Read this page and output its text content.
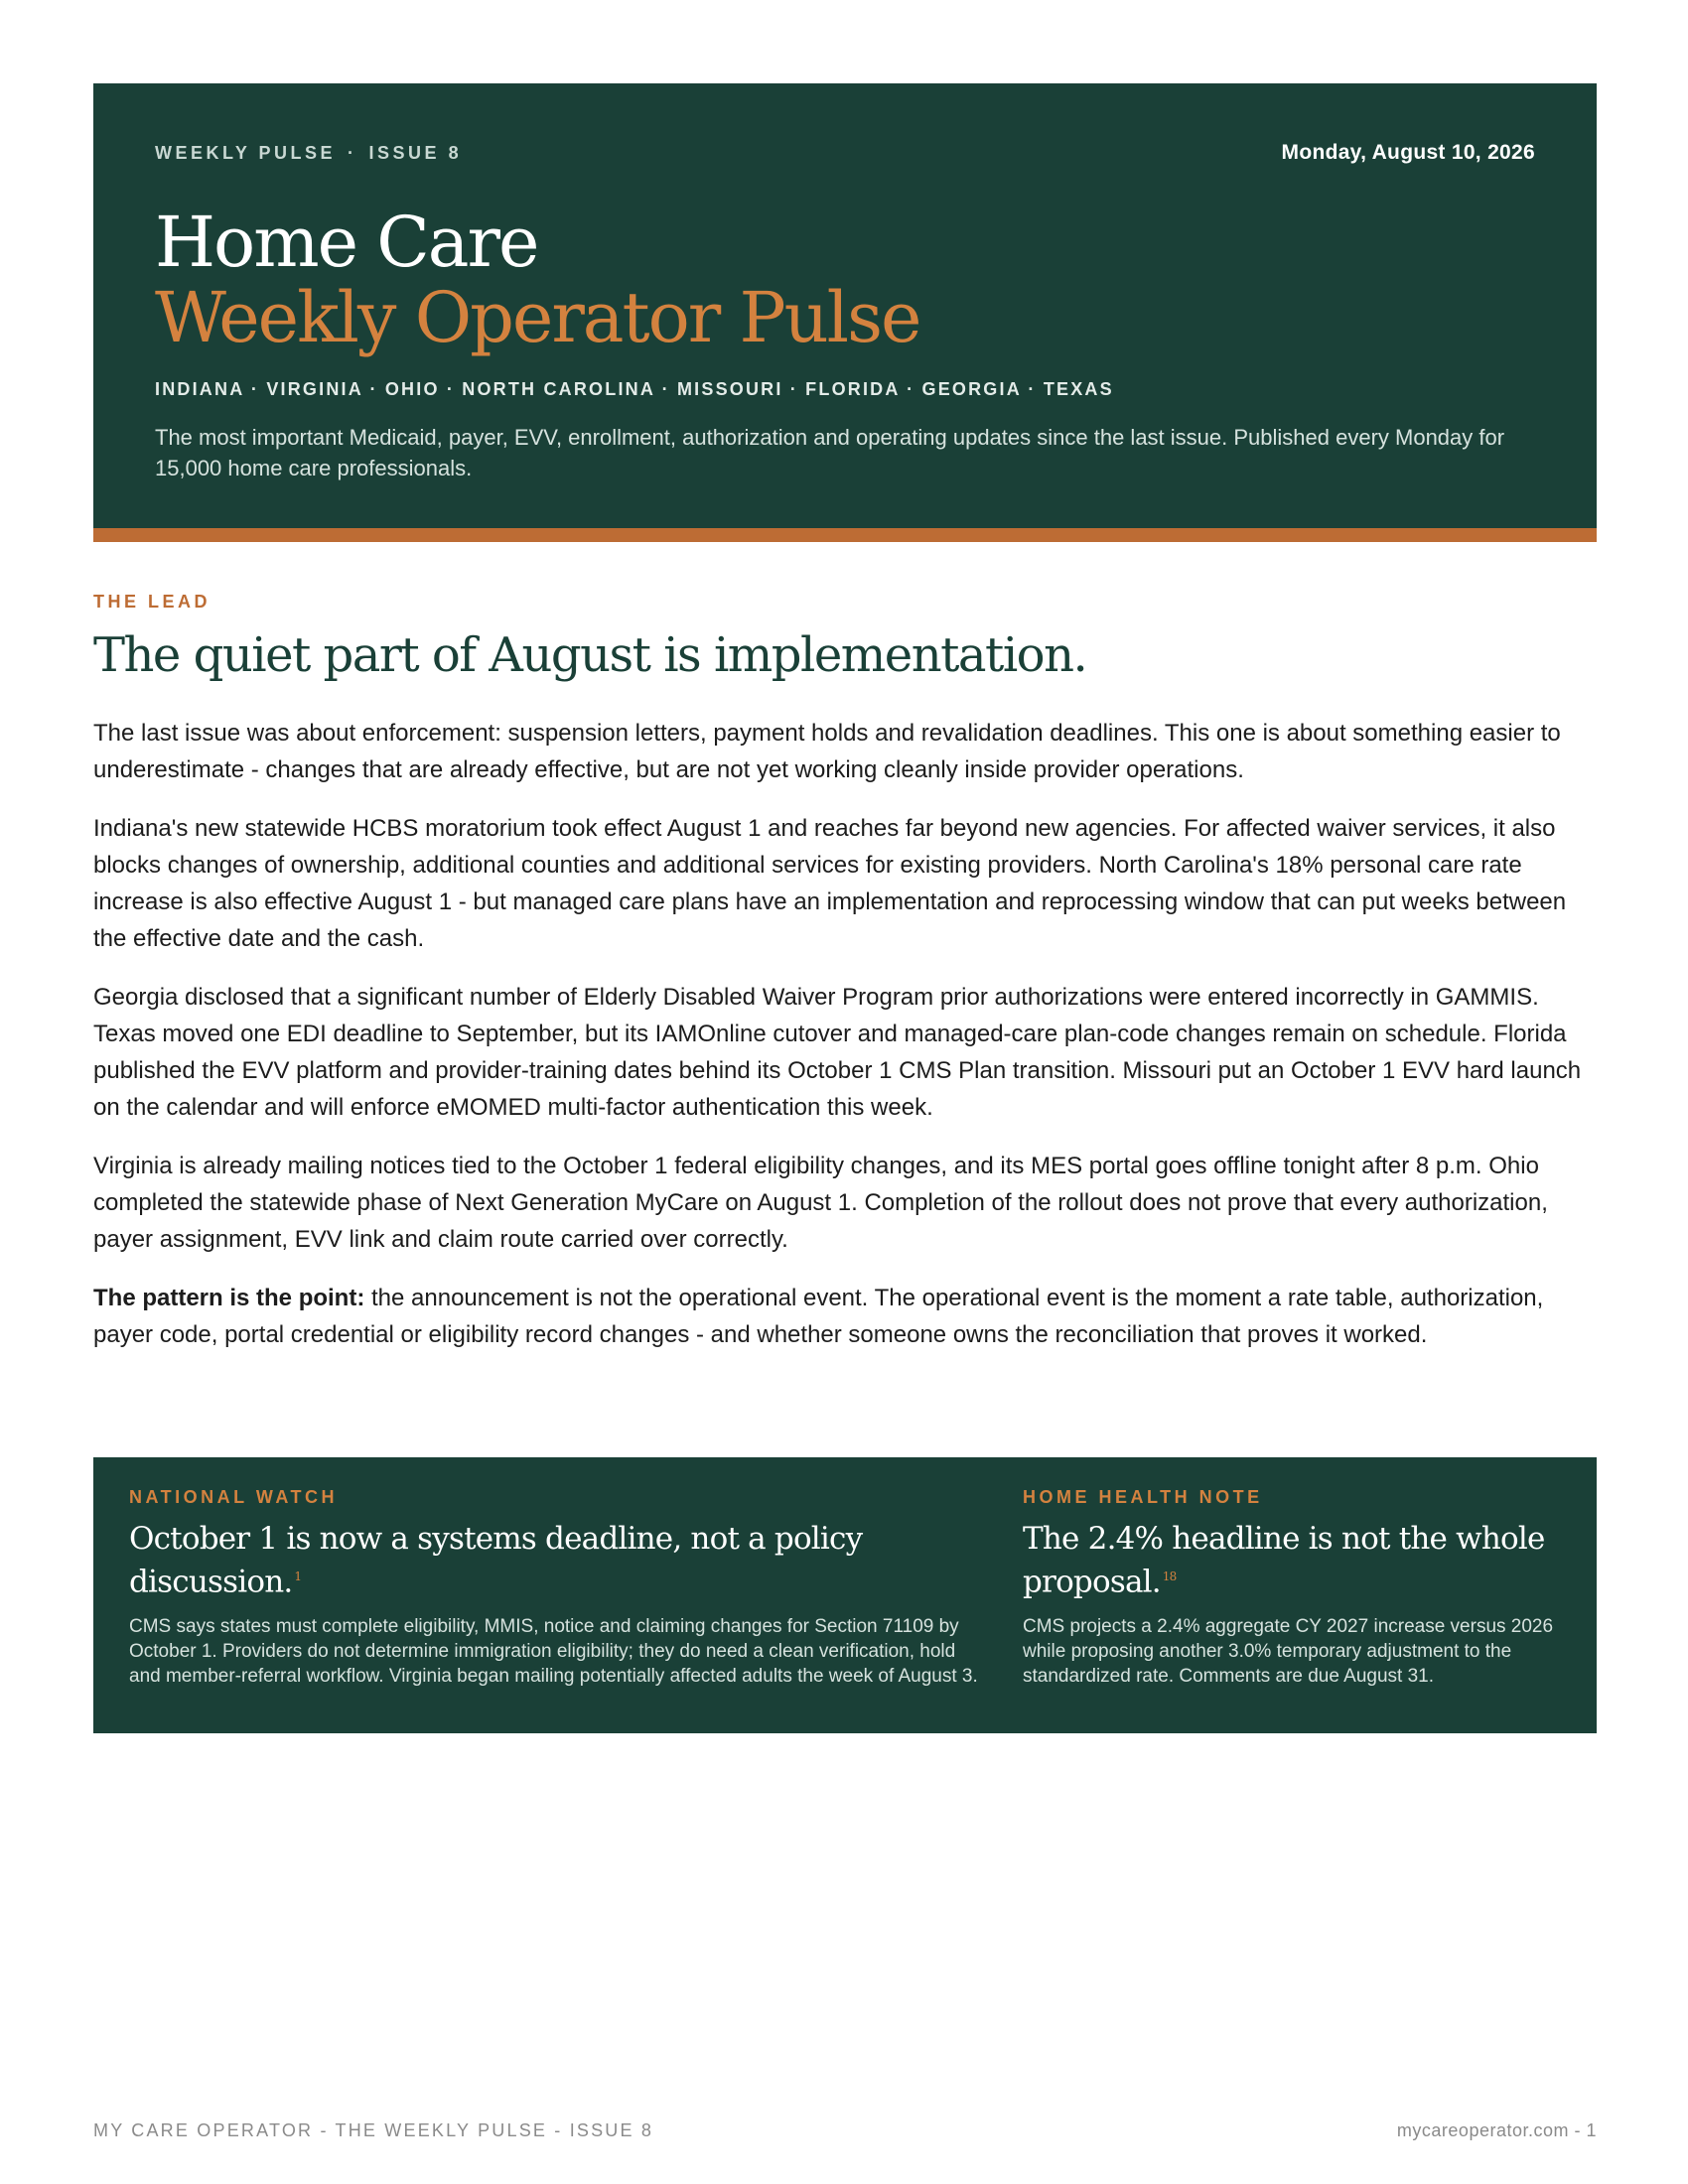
WEEKLY PULSE · ISSUE 8	Monday, August 10, 2026
Home Care
Weekly Operator Pulse
INDIANA · VIRGINIA · OHIO · NORTH CAROLINA · MISSOURI · FLORIDA · GEORGIA · TEXAS
The most important Medicaid, payer, EVV, enrollment, authorization and operating updates since the last issue. Published every Monday for 15,000 home care professionals.
THE LEAD
The quiet part of August is implementation.

The last issue was about enforcement: suspension letters, payment holds and revalidation deadlines. This one is about something easier to underestimate - changes that are already effective, but are not yet working cleanly inside provider operations.

Indiana's new statewide HCBS moratorium took effect August 1 and reaches far beyond new agencies. For affected waiver services, it also blocks changes of ownership, additional counties and additional services for existing providers. North Carolina's 18% personal care rate increase is also effective August 1 - but managed care plans have an implementation and reprocessing window that can put weeks between the effective date and the cash.

Georgia disclosed that a significant number of Elderly Disabled Waiver Program prior authorizations were entered incorrectly in GAMMIS. Texas moved one EDI deadline to September, but its IAMOnline cutover and managed-care plan-code changes remain on schedule. Florida published the EVV platform and provider-training dates behind its October 1 CMS Plan transition. Missouri put an October 1 EVV hard launch on the calendar and will enforce eMOMED multi-factor authentication this week.

Virginia is already mailing notices tied to the October 1 federal eligibility changes, and its MES portal goes offline tonight after 8 p.m. Ohio completed the statewide phase of Next Generation MyCare on August 1. Completion of the rollout does not prove that every authorization, payer assignment, EVV link and claim route carried over correctly.

The pattern is the point: the announcement is not the operational event. The operational event is the moment a rate table, authorization, payer code, portal credential or eligibility record changes - and whether someone owns the reconciliation that proves it worked.

NATIONAL WATCH
October 1 is now a systems deadline, not a policy discussion. $^1$
CMS says states must complete eligibility, MMIS, notice and claiming changes for Section 71109 by October 1. Providers do not determine immigration eligibility; they do need a clean verification, hold and member-referral workflow. Virginia began mailing potentially affected adults the week of August 3.
HOME HEALTH NOTE
The 2.4% headline is not the whole proposal. $^{18}$
CMS projects a 2.4% aggregate CY 2027 increase versus 2026 while proposing another 3.0% temporary adjustment to the standardized rate. Comments are due August 31.
MY CARE OPERATOR - THE WEEKLY PULSE - ISSUE 8	mycareoperator.com - 1
